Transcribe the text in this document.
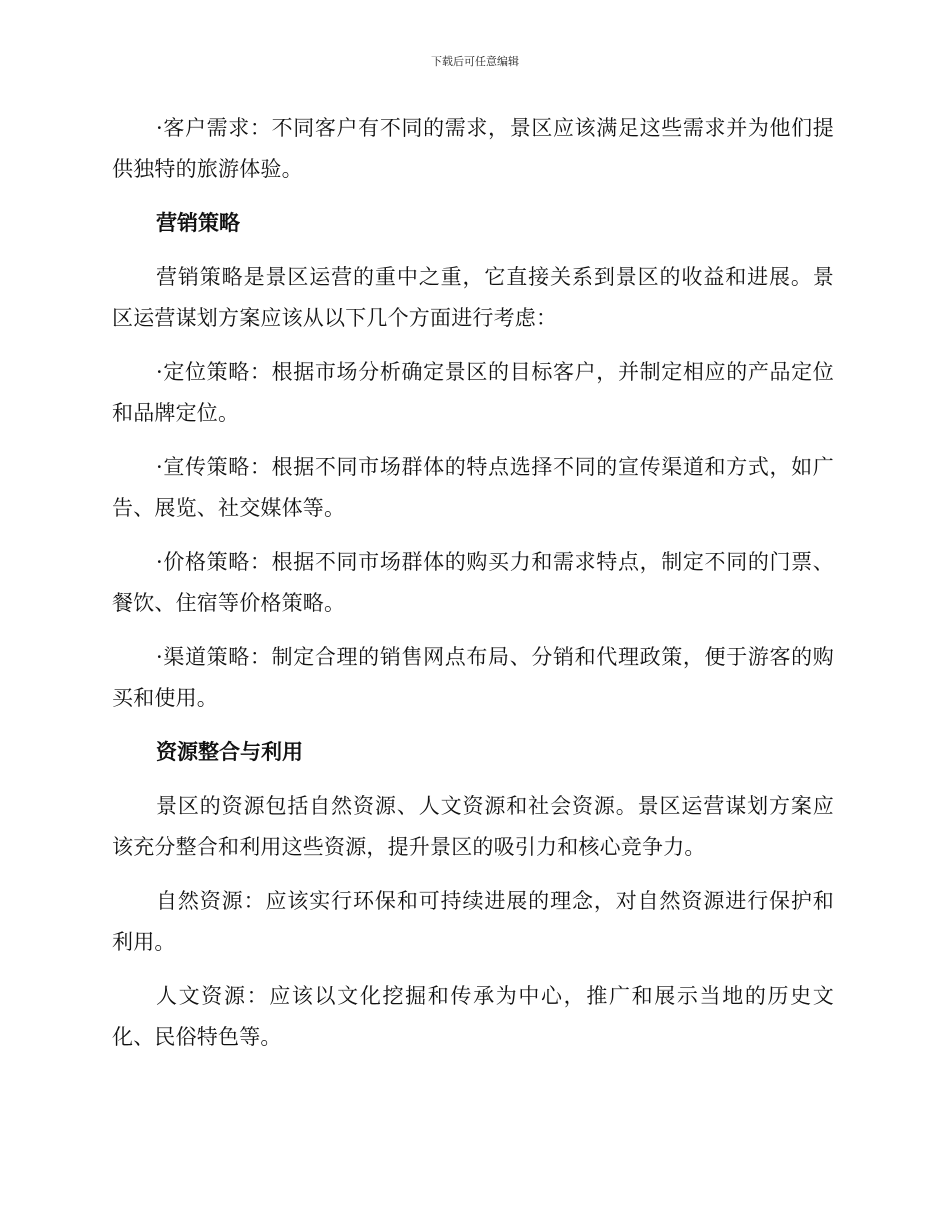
下载后可任意编辑

·客户需求：不同客户有不同的需求，景区应该满足这些需求并为他们提供独特的旅游体验。

营销策略

营销策略是景区运营的重中之重，它直接关系到景区的收益和进展。景区运营谋划方案应该从以下几个方面进行考虑：

·定位策略：根据市场分析确定景区的目标客户，并制定相应的产品定位和品牌定位。

·宣传策略：根据不同市场群体的特点选择不同的宣传渠道和方式，如广告、展览、社交媒体等。

·价格策略：根据不同市场群体的购买力和需求特点，制定不同的门票、餐饮、住宿等价格策略。

·渠道策略：制定合理的销售网点布局、分销和代理政策，便于游客的购买和使用。

资源整合与利用

景区的资源包括自然资源、人文资源和社会资源。景区运营谋划方案应该充分整合和利用这些资源，提升景区的吸引力和核心竞争力。

自然资源：应该实行环保和可持续进展的理念，对自然资源进行保护和利用。

人文资源：应该以文化挖掘和传承为中心，推广和展示当地的历史文化、民俗特色等。
